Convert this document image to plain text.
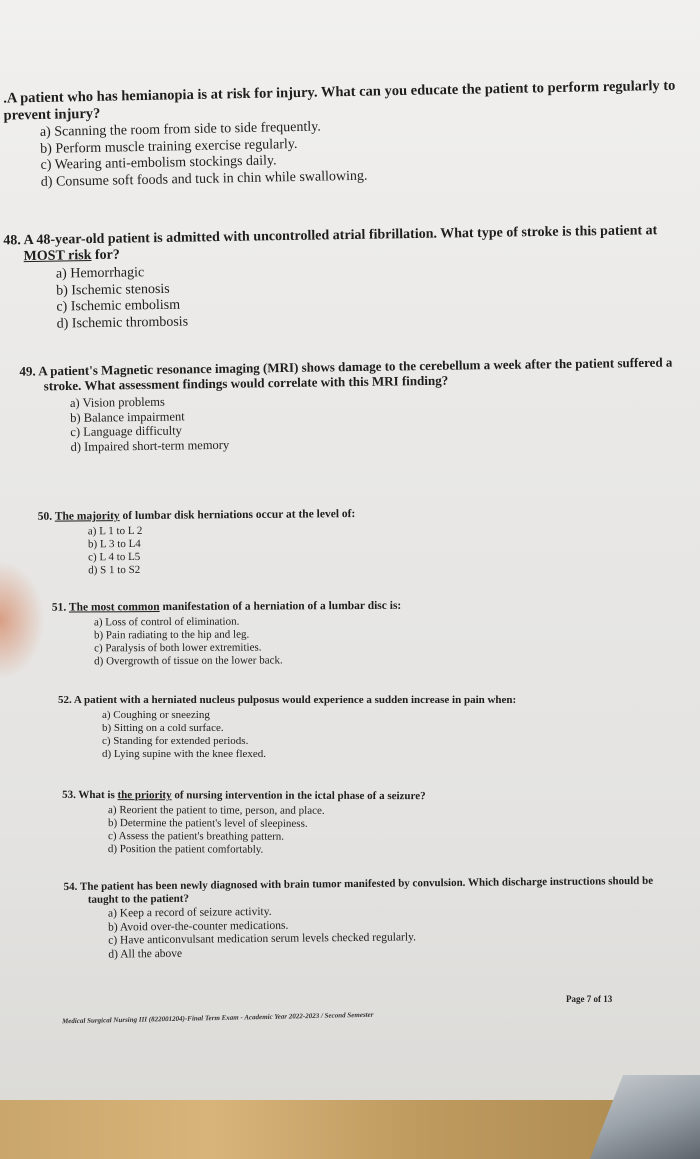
.A patient who has hemianopia is at risk for injury. What can you educate the patient to perform regularly to prevent injury?
a) Scanning the room from side to side frequently.
b) Perform muscle training exercise regularly.
c) Wearing anti-embolism stockings daily.
d) Consume soft foods and tuck in chin while swallowing.
48. A 48-year-old patient is admitted with uncontrolled atrial fibrillation. What type of stroke is this patient at MOST risk for?
a) Hemorrhagic
b) Ischemic stenosis
c) Ischemic embolism
d) Ischemic thrombosis
49. A patient's Magnetic resonance imaging (MRI) shows damage to the cerebellum a week after the patient suffered a stroke. What assessment findings would correlate with this MRI finding?
a) Vision problems
b) Balance impairment
c) Language difficulty
d) Impaired short-term memory
50. The majority of lumbar disk herniations occur at the level of:
a) L 1 to L 2
b) L 3 to L4
c) L 4 to L5
d) S 1 to S2
51. The most common manifestation of a herniation of a lumbar disc is:
a) Loss of control of elimination.
b) Pain radiating to the hip and leg.
c) Paralysis of both lower extremities.
d) Overgrowth of tissue on the lower back.
52. A patient with a herniated nucleus pulposus would experience a sudden increase in pain when:
a) Coughing or sneezing
b) Sitting on a cold surface.
c) Standing for extended periods.
d) Lying supine with the knee flexed.
53. What is the priority of nursing intervention in the ictal phase of a seizure?
a) Reorient the patient to time, person, and place.
b) Determine the patient's level of sleepiness.
c) Assess the patient's breathing pattern.
d) Position the patient comfortably.
54. The patient has been newly diagnosed with brain tumor manifested by convulsion. Which discharge instructions should be taught to the patient?
a) Keep a record of seizure activity.
b) Avoid over-the-counter medications.
c) Have anticonvulsant medication serum levels checked regularly.
d) All the above
Page 7 of 13
Medical Surgical Nursing III (822001204)-Final Term Exam - Academic Year 2022-2023 / Second Semester
